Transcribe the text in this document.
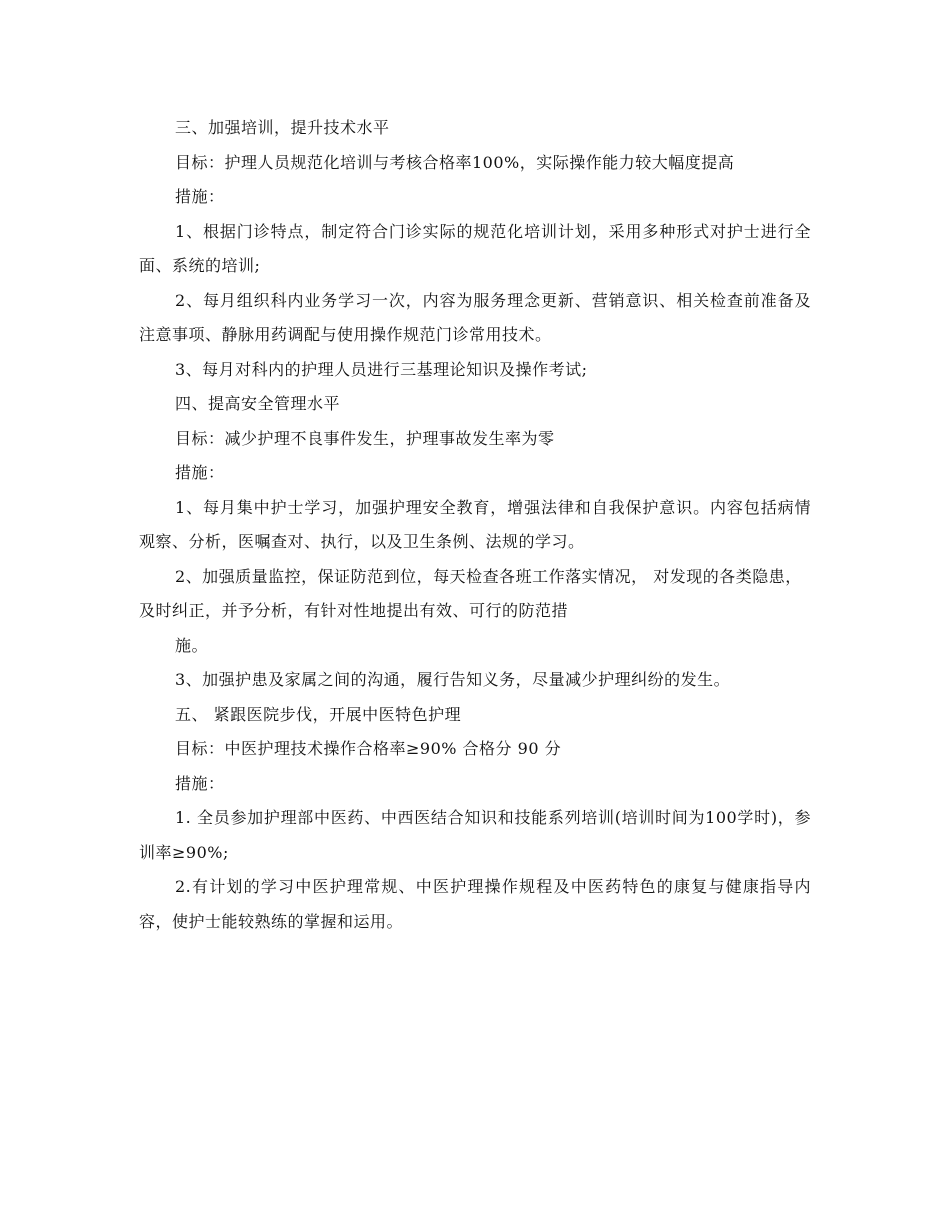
三、加强培训，提升技术水平

目标：护理人员规范化培训与考核合格率100%，实际操作能力较大幅度提高

措施：

1、根据门诊特点，制定符合门诊实际的规范化培训计划，采用多种形式对护士进行全面、系统的培训;

2、每月组织科内业务学习一次，内容为服务理念更新、营销意识、相关检查前准备及注意事项、静脉用药调配与使用操作规范门诊常用技术。

3、每月对科内的护理人员进行三基理论知识及操作考试;

四、提高安全管理水平

目标：减少护理不良事件发生，护理事故发生率为零

措施：

1、每月集中护士学习，加强护理安全教育，增强法律和自我保护意识。内容包括病情观察、分析，医嘱查对、执行，以及卫生条例、法规的学习。

2、加强质量监控，保证防范到位，每天检查各班工作落实情况， 对发现的各类隐患，及时纠正，并予分析，有针对性地提出有效、可行的防范措

施。

3、加强护患及家属之间的沟通，履行告知义务，尽量减少护理纠纷的发生。

五、 紧跟医院步伐，开展中医特色护理

目标：中医护理技术操作合格率≥90% 合格分 90 分

措施：

1. 全员参加护理部中医药、中西医结合知识和技能系列培训(培训时间为100学时)，参训率≥90%;

2.有计划的学习中医护理常规、中医护理操作规程及中医药特色的康复与健康指导内容，使护士能较熟练的掌握和运用。
